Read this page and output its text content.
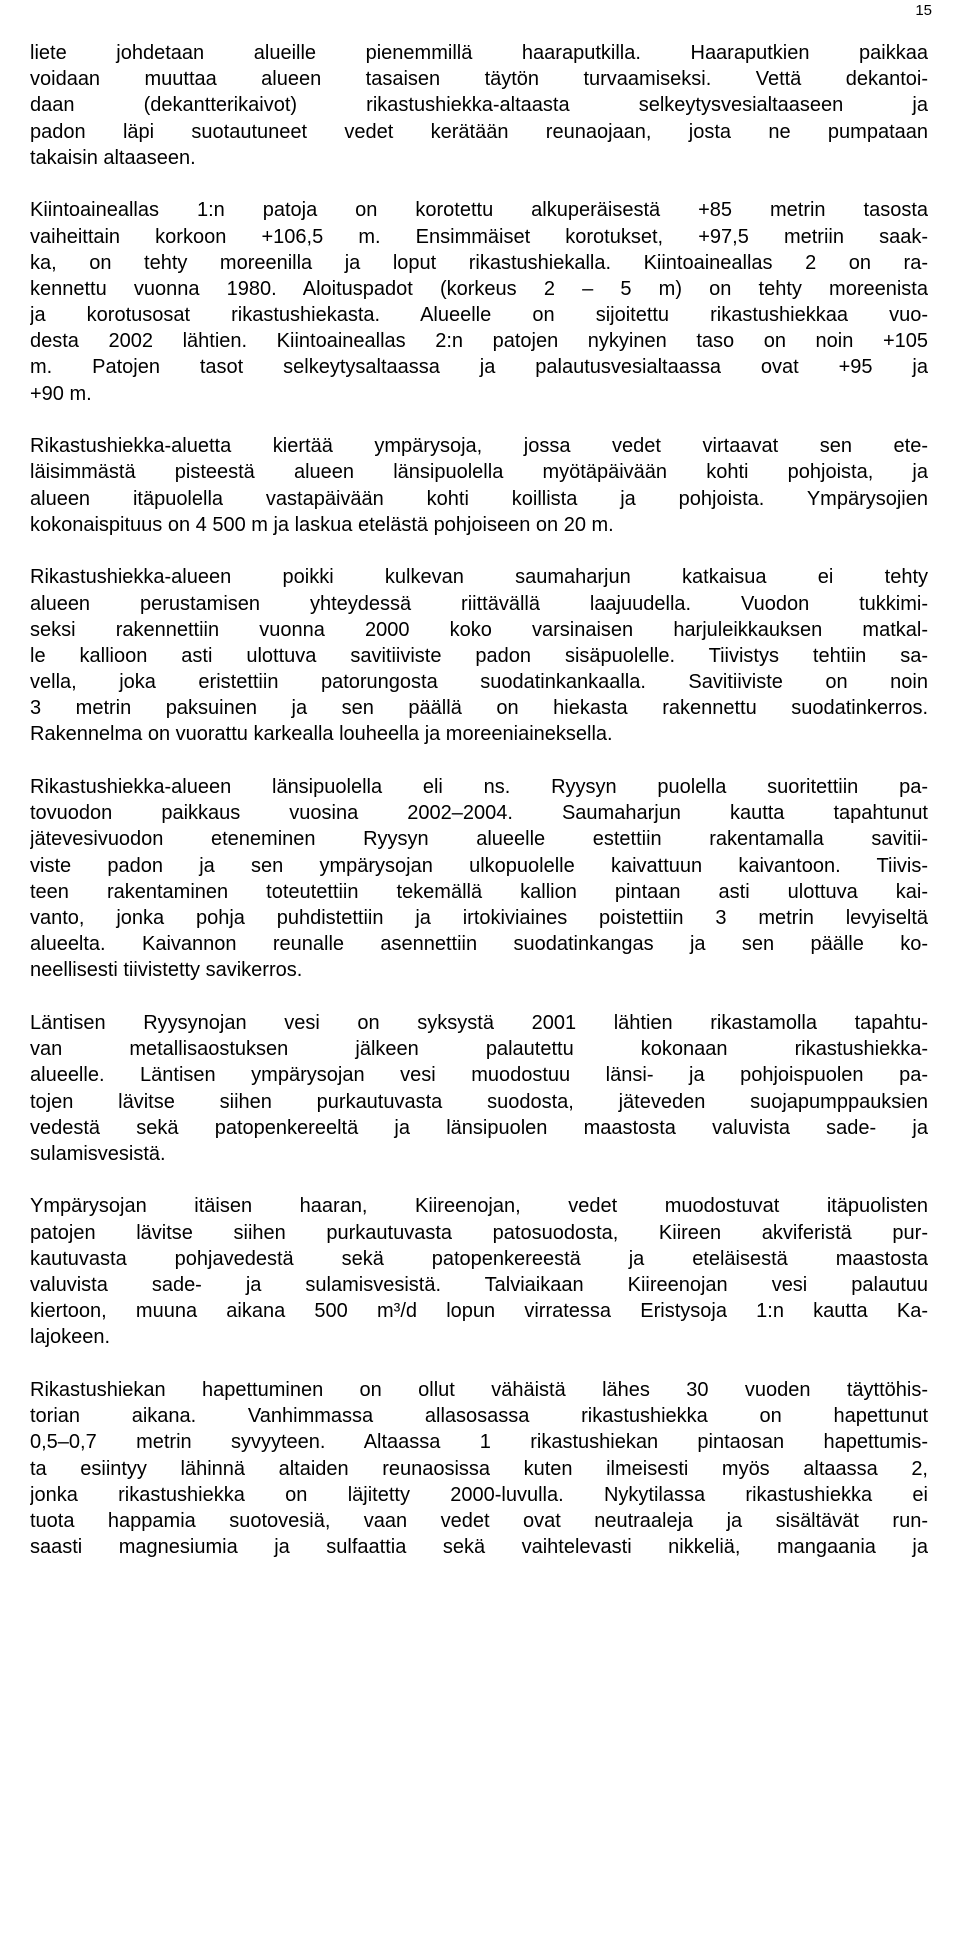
15
liete johdetaan alueille pienemmillä haaraputkilla. Haaraputkien paikkaa
voidaan muuttaa alueen tasaisen täytön turvaamiseksi. Vettä dekantoi-
daan (dekantterikaivot) rikastushiekka-altaasta selkeytysvesialtaaseen ja
padon läpi suotautuneet vedet kerätään reunaojaan, josta ne pumpataan
takaisin altaaseen.
Kiintoaineallas 1:n patoja on korotettu alkuperäisestä +85 metrin tasosta
vaiheittain korkoon +106,5 m. Ensimmäiset korotukset, +97,5 metriin saak-
ka, on tehty moreenilla ja loput rikastushiekalla. Kiintoaineallas 2 on ra-
kennettu vuonna 1980. Aloituspadot (korkeus 2 – 5 m) on tehty moreenista
ja korotusosat rikastushiekasta. Alueelle on sijoitettu rikastushiekkaa vuo-
desta 2002 lähtien. Kiintoaineallas 2:n patojen nykyinen taso on noin +105
m. Patojen tasot selkeytysaltaassa ja palautusvesialtaassa ovat +95 ja
+90 m.
Rikastushiekka-aluetta kiertää ympärysoja, jossa vedet virtaavat sen ete-
läisimmästä pisteestä alueen länsipuolella myötäpäivään kohti pohjoista, ja
alueen itäpuolella vastapäivään kohti koillista ja pohjoista. Ympärysojien
kokonaispituus on 4 500 m ja laskua etelästä pohjoiseen on 20 m.
Rikastushiekka-alueen poikki kulkevan saumaharjun katkaisua ei tehty
alueen perustamisen yhteydessä riittävällä laajuudella. Vuodon tukkimi-
seksi rakennettiin vuonna 2000 koko varsinaisen harjuleikkauksen matkal-
le kallioon asti ulottuva savitiiviste padon sisäpuolelle. Tiivistys tehtiin sa-
vella, joka eristettiin patorungosta suodatinkankaalla. Savitiiviste on noin
3 metrin paksuinen ja sen päällä on hiekasta rakennettu suodatinkerros.
Rakennelma on vuorattu karkealla louheella ja moreeniaineksella.
Rikastushiekka-alueen länsipuolella eli ns. Ryysyn puolella suoritettiin pa-
tovuodon paikkaus vuosina 2002–2004. Saumaharjun kautta tapahtunut
jätevesivuodon eteneminen Ryysyn alueelle estettiin rakentamalla savitii-
viste padon ja sen ympärysojan ulkopuolelle kaivattuun kaivantoon. Tiivis-
teen rakentaminen toteutettiin tekemällä kallion pintaan asti ulottuva kai-
vanto, jonka pohja puhdistettiin ja irtokiviaines poistettiin 3 metrin levyiseltä
alueelta. Kaivannon reunalle asennettiin suodatinkangas ja sen päälle ko-
neellisesti tiivistetty savikerros.
Läntisen Ryysynojan vesi on syksystä 2001 lähtien rikastamolla tapahtu-
van metallisaostuksen jälkeen palautettu kokonaan rikastushiekka-
alueelle. Läntisen ympärysojan vesi muodostuu länsi- ja pohjoispuolen pa-
tojen lävitse siihen purkautuvasta suodosta, jäteveden suojapumppauksien
vedestä sekä patopenkereeltä ja länsipuolen maastosta valuvista sade- ja
sulamisvesistä.
Ympärysojan itäisen haaran, Kiireenojan, vedet muodostuvat itäpuolisten
patojen lävitse siihen purkautuvasta patosuodosta, Kiireen akviferistä pur-
kautuvasta pohjavedestä sekä patopenkereestä ja eteläisestä maastosta
valuvista sade- ja sulamisvesistä. Talviaikaan Kiireenojan vesi palautuu
kiertoon, muuna aikana 500 m³/d lopun virratessa Eristysoja 1:n kautta Ka-
lajokeen.
Rikastushiekan hapettuminen on ollut vähäistä lähes 30 vuoden täyttöhis-
torian aikana. Vanhimmassa allasosassa rikastushiekka on hapettunut
0,5–0,7 metrin syvyyteen. Altaassa 1 rikastushiekan pintaosan hapettumis-
ta esiintyy lähinnä altaiden reunaosissa kuten ilmeisesti myös altaassa 2,
jonka rikastushiekka on läjitetty 2000-luvulla. Nykytilassa rikastushiekka ei
tuota happamia suotovesiä, vaan vedet ovat neutraaleja ja sisältävät run-
saasti magnesiumia ja sulfaattia sekä vaihtelevasti nikkeliä, mangaania ja
